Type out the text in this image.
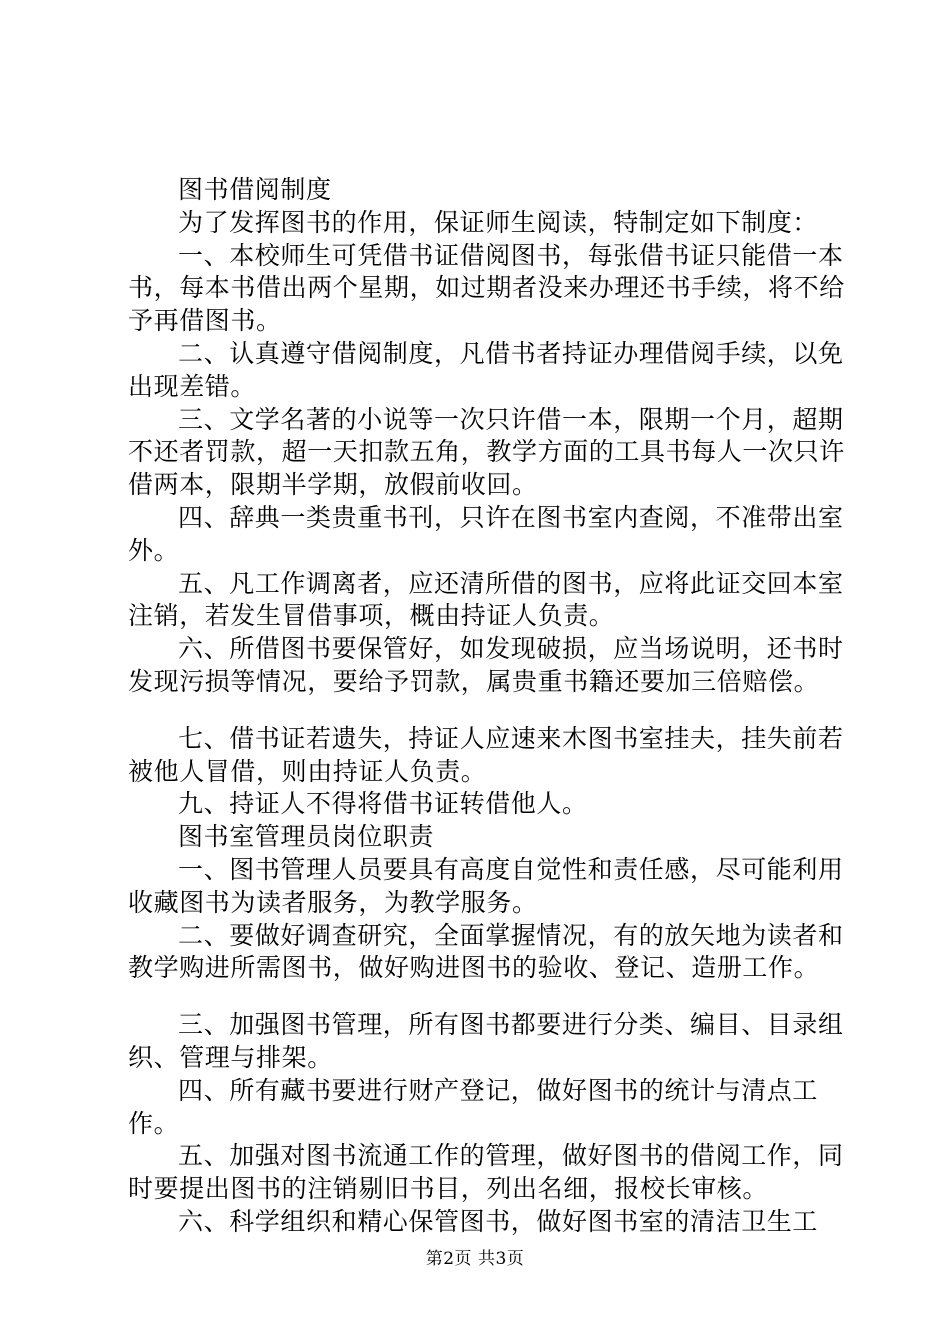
图书借阅制度

为了发挥图书的作用，保证师生阅读，特制定如下制度：

一、本校师生可凭借书证借阅图书，每张借书证只能借一本书，每本书借出两个星期，如过期者没来办理还书手续，将不给予再借图书。

二、认真遵守借阅制度，凡借书者持证办理借阅手续，以免出现差错。

三、文学名著的小说等一次只许借一本，限期一个月，超期不还者罚款，超一天扣款五角，教学方面的工具书每人一次只许借两本，限期半学期，放假前收回。

四、辞典一类贵重书刊，只许在图书室内查阅，不准带出室外。

五、凡工作调离者，应还清所借的图书，应将此证交回本室注销，若发生冒借事项，概由持证人负责。

六、所借图书要保管好，如发现破损，应当场说明，还书时发现污损等情况，要给予罚款，属贵重书籍还要加三倍赔偿。

七、借书证若遗失，持证人应速来木图书室挂夫，挂失前若被他人冒借，则由持证人负责。

九、持证人不得将借书证转借他人。

图书室管理员岗位职责

一、图书管理人员要具有高度自觉性和责任感，尽可能利用收藏图书为读者服务，为教学服务。

二、要做好调查研究，全面掌握情况，有的放矢地为读者和教学购进所需图书，做好购进图书的验收、登记、造册工作。

三、加强图书管理，所有图书都要进行分类、编目、目录组织、管理与排架。

四、所有藏书要进行财产登记，做好图书的统计与清点工作。

五、加强对图书流通工作的管理，做好图书的借阅工作，同时要提出图书的注销剔旧书目，列出名细，报校长审核。

六、科学组织和精心保管图书，做好图书室的清洁卫生工

第2页 共3页
